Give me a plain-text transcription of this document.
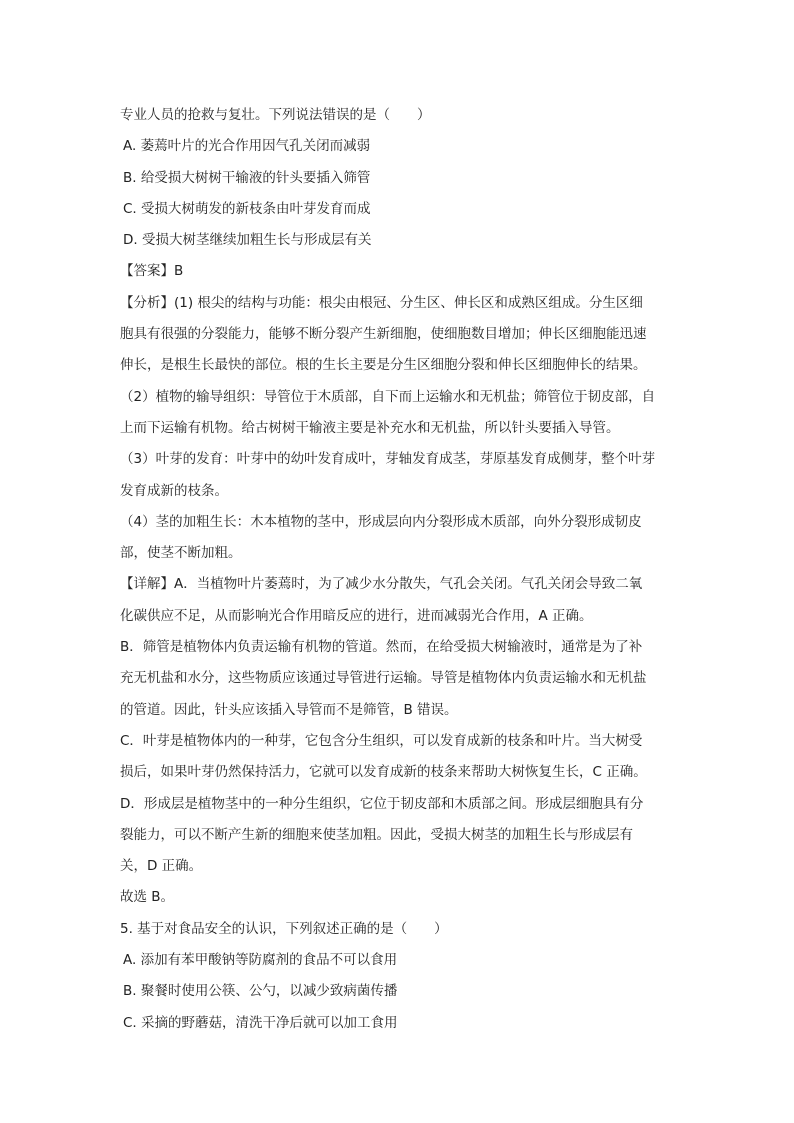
专业人员的抢救与复壮。下列说法错误的是（　　）
A. 萎蔫叶片的光合作用因气孔关闭而减弱
B. 给受损大树树干输液的针头要插入筛管
C. 受损大树萌发的新枝条由叶芽发育而成
D. 受损大树茎继续加粗生长与形成层有关
【答案】B
【分析】(1) 根尖的结构与功能：根尖由根冠、分生区、伸长区和成熟区组成。分生区细
胞具有很强的分裂能力，能够不断分裂产生新细胞，使细胞数目增加；伸长区细胞能迅速
伸长，是根生长最快的部位。根的生长主要是分生区细胞分裂和伸长区细胞伸长的结果。
（2）植物的输导组织：导管位于木质部，自下而上运输水和无机盐；筛管位于韧皮部，自
上而下运输有机物。给古树树干输液主要是补充水和无机盐，所以针头要插入导管。
（3）叶芽的发育：叶芽中的幼叶发育成叶，芽轴发育成茎，芽原基发育成侧芽，整个叶芽
发育成新的枝条。
（4）茎的加粗生长：木本植物的茎中，形成层向内分裂形成木质部，向外分裂形成韧皮
部，使茎不断加粗。
【详解】A．当植物叶片萎蔫时，为了减少水分散失，气孔会关闭。气孔关闭会导致二氧
化碳供应不足，从而影响光合作用暗反应的进行，进而减弱光合作用，A 正确。
B．筛管是植物体内负责运输有机物的管道。然而，在给受损大树输液时，通常是为了补
充无机盐和水分，这些物质应该通过导管进行运输。导管是植物体内负责运输水和无机盐
的管道。因此，针头应该插入导管而不是筛管，B 错误。
C．叶芽是植物体内的一种芽，它包含分生组织，可以发育成新的枝条和叶片。当大树受
损后，如果叶芽仍然保持活力，它就可以发育成新的枝条来帮助大树恢复生长，C 正确。
D．形成层是植物茎中的一种分生组织，它位于韧皮部和木质部之间。形成层细胞具有分
裂能力，可以不断产生新的细胞来使茎加粗。因此，受损大树茎的加粗生长与形成层有
关，D 正确。
故选 B。
5. 基于对食品安全的认识，下列叙述正确的是（　　）
A. 添加有苯甲酸钠等防腐剂的食品不可以食用
B. 聚餐时使用公筷、公勺，以减少致病菌传播
C. 采摘的野蘑菇，清洗干净后就可以加工食用
